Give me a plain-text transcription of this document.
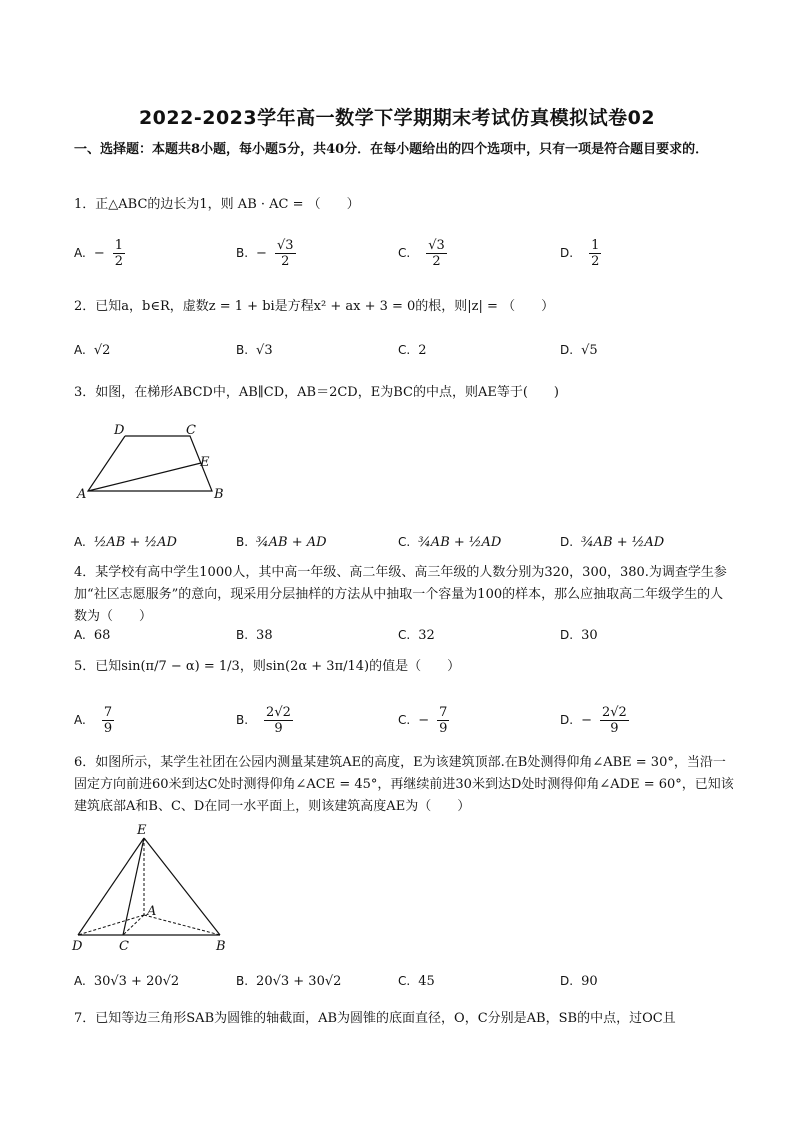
2022-2023学年高一数学下学期期末考试仿真模拟试卷02
一、选择题：本题共8小题，每小题5分，共40分．在每小题给出的四个选项中，只有一项是符合题目要求的．
1．正△ABC的边长为1，则 AB · AC = （　　）
A. − $\frac{1}{2}$	B. − $\frac{√3}{2}$	C. $\frac{√3}{2}$	D. $\frac{1}{2}$
2．已知a，b∈R，虚数z = 1 + bi是方程x² + ax + 3 = 0的根，则|z| = （　　）
A. √2	B. √3	C. 2	D. √5
3．如图，在梯形ABCD中，AB∥CD，AB＝2CD，E为BC的中点，则AE等于(　　)
D	C
E
A	B
A. ½AB + ½AD	B. ¾AB + AD	C. ¾AB + ½AD	D. ¾AB + ½AD
4．某学校有高中学生1000人，其中高一年级、高二年级、高三年级的人数分别为320，300，380.为调查学生参加“社区志愿服务”的意向，现采用分层抽样的方法从中抽取一个容量为100的样本，那么应抽取高二年级学生的人数为（　　）
A. 68	B. 38	C. 32	D. 30
5．已知sin(π/7 − α) = 1/3，则sin(2α + 3π/14)的值是（　　）
A. $\frac{7}{9}$	B. $\frac{2√2}{9}$	C. − $\frac{7}{9}$	D. − $\frac{2√2}{9}$
6．如图所示，某学生社团在公园内测量某建筑AE的高度，E为该建筑顶部.在B处测得仰角∠ABE = 30°，当沿一固定方向前进60米到达C处时测得仰角∠ACE = 45°，再继续前进30米到达D处时测得仰角∠ADE = 60°，已知该建筑底部A和B、C、D在同一水平面上，则该建筑高度AE为（　　）
E
A
D	C	B
A. 30√3 + 20√2	B. 20√3 + 30√2	C. 45	D. 90
7．已知等边三角形SAB为圆锥的轴截面，AB为圆锥的底面直径，O，C分别是AB，SB的中点，过OC且
